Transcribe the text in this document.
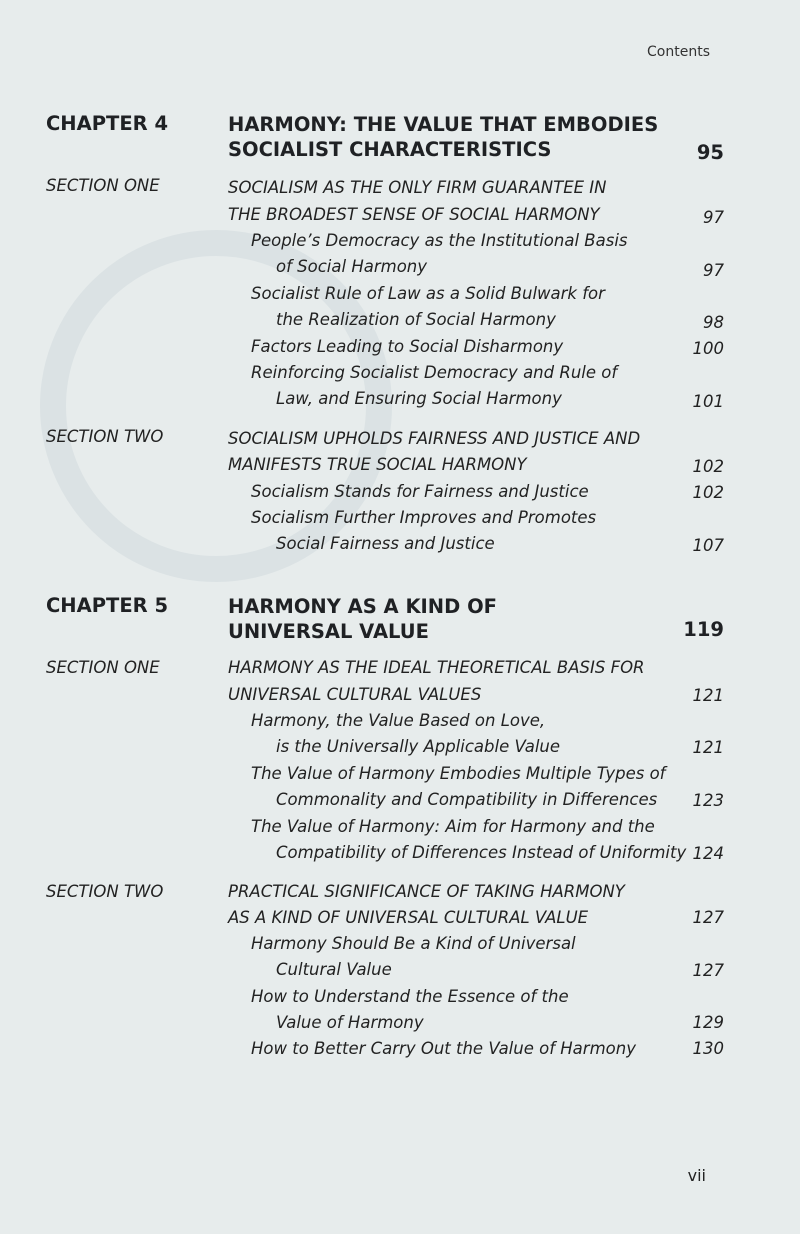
Contents
CHAPTER 4	HARMONY: THE VALUE THAT EMBODIES
SOCIALIST CHARACTERISTICS	95
SECTION ONE	SOCIALISM AS THE ONLY FIRM GUARANTEE IN
THE BROADEST SENSE OF SOCIAL HARMONY	97
People’s Democracy as the Institutional Basis
of Social Harmony	97
Socialist Rule of Law as a Solid Bulwark for
the Realization of Social Harmony	98
Factors Leading to Social Disharmony	100
Reinforcing Socialist Democracy and Rule of
Law, and Ensuring Social Harmony	101
SECTION TWO	SOCIALISM UPHOLDS FAIRNESS AND JUSTICE AND
MANIFESTS TRUE SOCIAL HARMONY	102
Socialism Stands for Fairness and Justice	102
Socialism Further Improves and Promotes
Social Fairness and Justice	107
CHAPTER 5	HARMONY AS A KIND OF
UNIVERSAL VALUE	119
SECTION ONE	HARMONY AS THE IDEAL THEORETICAL BASIS FOR
UNIVERSAL CULTURAL VALUES	121
Harmony, the Value Based on Love,
is the Universally Applicable Value	121
The Value of Harmony Embodies Multiple Types of
Commonality and Compatibility in Differences 123
The Value of Harmony: Aim for Harmony and the
Compatibility of Differences Instead of Uniformity 124
SECTION TWO	PRACTICAL SIGNIFICANCE OF TAKING HARMONY
AS A KIND OF UNIVERSAL CULTURAL VALUE	127
Harmony Should Be a Kind of Universal
Cultural Value	127
How to Understand the Essence of the
Value of Harmony	129
How to Better Carry Out the Value of Harmony	130
vii
